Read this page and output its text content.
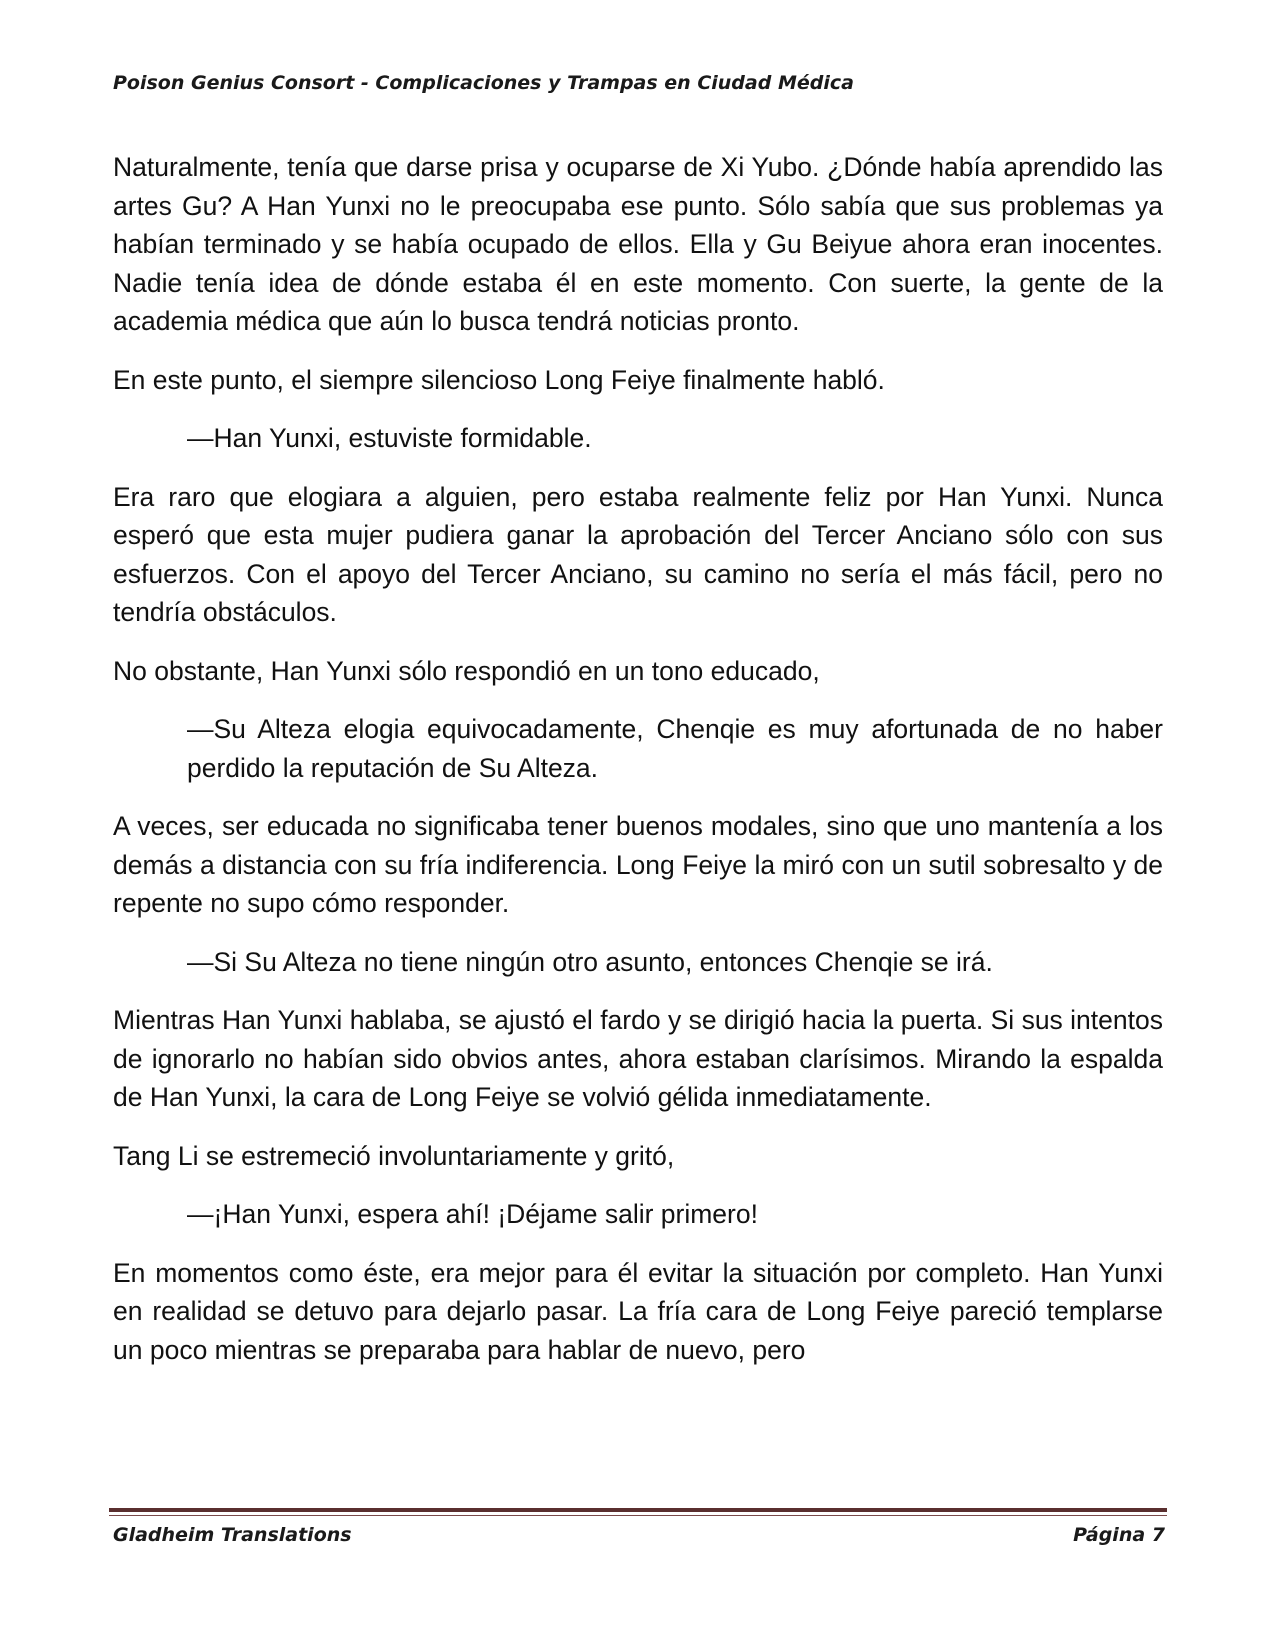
Poison Genius Consort - Complicaciones y Trampas en Ciudad Médica

Naturalmente, tenía que darse prisa y ocuparse de Xi Yubo. ¿Dónde había aprendido las artes Gu? A Han Yunxi no le preocupaba ese punto. Sólo sabía que sus problemas ya habían terminado y se había ocupado de ellos. Ella y Gu Beiyue ahora eran inocentes. Nadie tenía idea de dónde estaba él en este momento. Con suerte, la gente de la academia médica que aún lo busca tendrá noticias pronto.

En este punto, el siempre silencioso Long Feiye finalmente habló.

—Han Yunxi, estuviste formidable.

Era raro que elogiara a alguien, pero estaba realmente feliz por Han Yunxi. Nunca esperó que esta mujer pudiera ganar la aprobación del Tercer Anciano sólo con sus esfuerzos. Con el apoyo del Tercer Anciano, su camino no sería el más fácil, pero no tendría obstáculos.

No obstante, Han Yunxi sólo respondió en un tono educado,

—Su Alteza elogia equivocadamente, Chenqie es muy afortunada de no haber perdido la reputación de Su Alteza.

A veces, ser educada no significaba tener buenos modales, sino que uno mantenía a los demás a distancia con su fría indiferencia. Long Feiye la miró con un sutil sobresalto y de repente no supo cómo responder.

—Si Su Alteza no tiene ningún otro asunto, entonces Chenqie se irá.

Mientras Han Yunxi hablaba, se ajustó el fardo y se dirigió hacia la puerta. Si sus intentos de ignorarlo no habían sido obvios antes, ahora estaban clarísimos. Mirando la espalda de Han Yunxi, la cara de Long Feiye se volvió gélida inmediatamente.

Tang Li se estremeció involuntariamente y gritó,

—¡Han Yunxi, espera ahí! ¡Déjame salir primero!

En momentos como éste, era mejor para él evitar la situación por completo. Han Yunxi en realidad se detuvo para dejarlo pasar. La fría cara de Long Feiye pareció templarse un poco mientras se preparaba para hablar de nuevo, pero

Gladheim Translations	Página 7
